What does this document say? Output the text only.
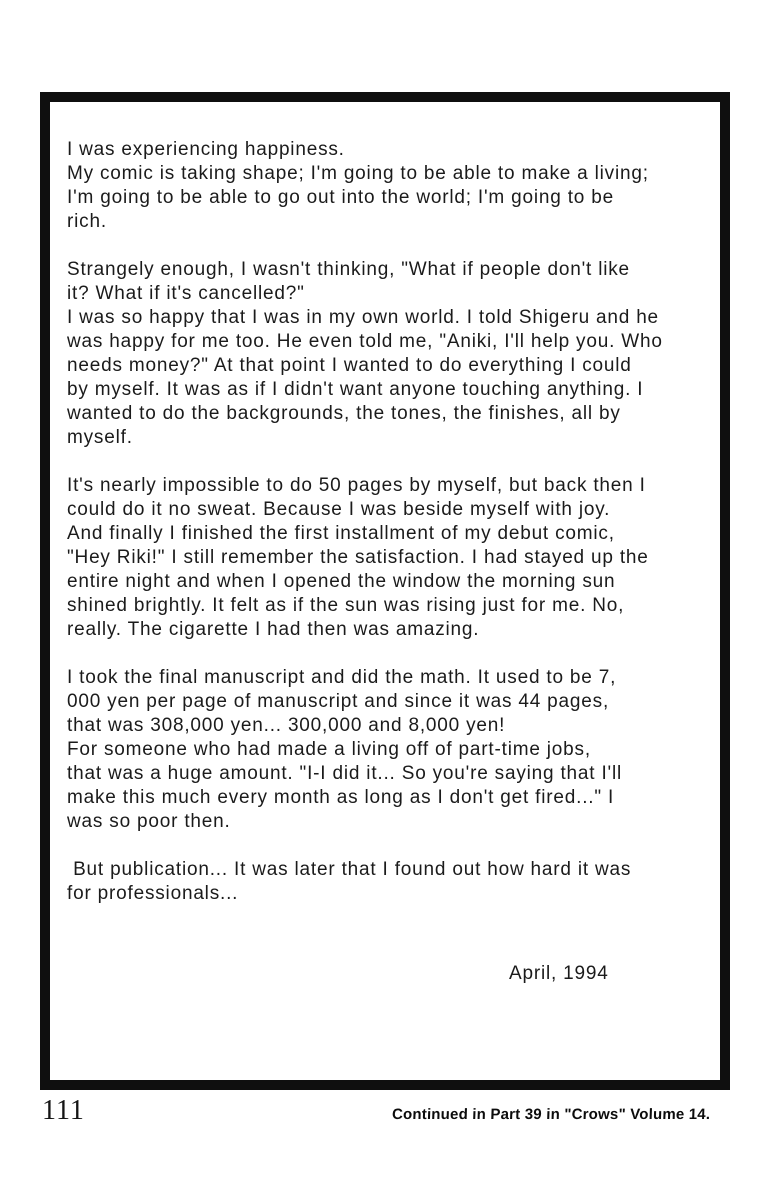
I was experiencing happiness.
My comic is taking shape; I'm going to be able to make a living;
I'm going to be able to go out into the world; I'm going to be
rich.
Strangely enough, I wasn't thinking, "What if people don't like
it? What if it's cancelled?"
I was so happy that I was in my own world. I told Shigeru and he
was happy for me too. He even told me, "Aniki, I'll help you. Who
needs money?" At that point I wanted to do everything I could
by myself. It was as if I didn't want anyone touching anything. I
wanted to do the backgrounds, the tones, the finishes, all by
myself.
It's nearly impossible to do 50 pages by myself, but back then I
could do it no sweat. Because I was beside myself with joy.
And finally I finished the first installment of my debut comic,
"Hey Riki!" I still remember the satisfaction. I had stayed up the
entire night and when I opened the window the morning sun
shined brightly. It felt as if the sun was rising just for me. No,
really. The cigarette I had then was amazing.
I took the final manuscript and did the math. It used to be 7,
000 yen per page of manuscript and since it was 44 pages,
that was 308,000 yen... 300,000 and 8,000 yen!
For someone who had made a living off of part-time jobs,
that was a huge amount. "I-I did it... So you're saying that I'll
make this much every month as long as I don't get fired..." I
was so poor then.
But publication... It was later that I found out how hard it was
for professionals...
April, 1994
111	Continued in Part 39 in "Crows" Volume 14.
